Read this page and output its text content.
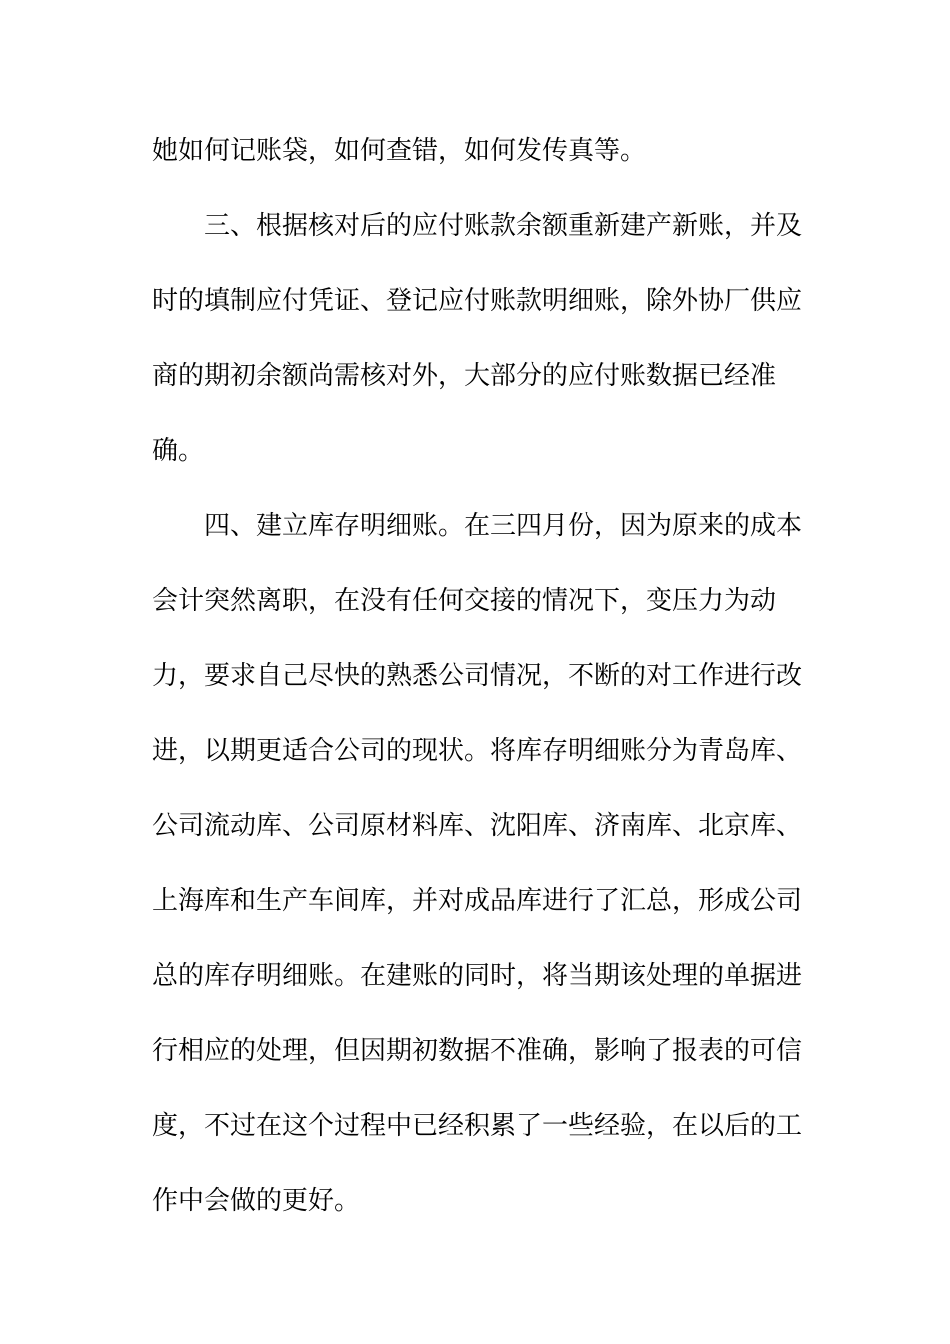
她如何记账袋，如何查错，如何发传真等。
三、根据核对后的应付账款余额重新建产新账，并及
时的填制应付凭证、登记应付账款明细账，除外协厂供应
商的期初余额尚需核对外，大部分的应付账数据已经准
确。
四、建立库存明细账。在三四月份，因为原来的成本
会计突然离职，在没有任何交接的情况下，变压力为动
力，要求自己尽快的熟悉公司情况，不断的对工作进行改
进，以期更适合公司的现状。将库存明细账分为青岛库、
公司流动库、公司原材料库、沈阳库、济南库、北京库、
上海库和生产车间库，并对成品库进行了汇总，形成公司
总的库存明细账。在建账的同时，将当期该处理的单据进
行相应的处理，但因期初数据不准确，影响了报表的可信
度，不过在这个过程中已经积累了一些经验，在以后的工
作中会做的更好。
